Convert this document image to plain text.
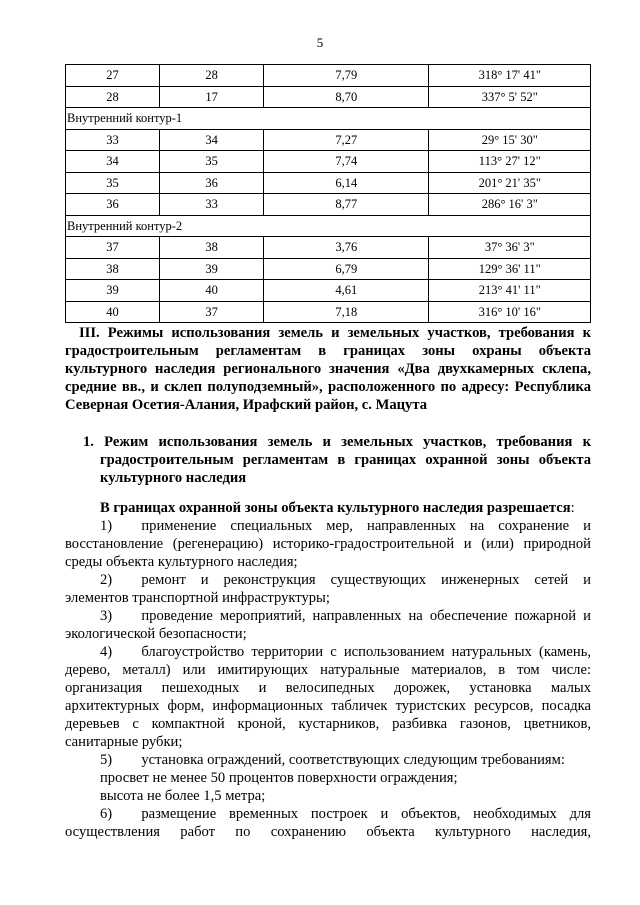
5
27	28	7,79	318° 17' 41"
28	17	8,70	337° 5' 52"
Внутренний контур-1			
33	34	7,27	29° 15' 30"
34	35	7,74	113° 27' 12"
35	36	6,14	201° 21' 35"
36	33	8,77	286° 16' 3"
Внутренний контур-2			
37	38	3,76	37° 36' 3"
38	39	6,79	129° 36' 11"
39	40	4,61	213° 41' 11"
40	37	7,18	316° 10' 16"
III. Режимы использования земель и земельных участков, требования к
градостроительным регламентам в границах зоны охраны объекта
культурного наследия регионального значения «Два двухкамерных склепа,
средние вв., и склеп полуподземный», расположенного по адресу: Республика
Северная Осетия-Алания, Ирафский район, с. Мацута
1. Режим использования земель и земельных участков, требования к
градостроительным регламентам в границах охранной зоны объекта
культурного наследия
В границах охранной зоны объекта культурного наследия разрешается:
1)  применение специальных мер, направленных на сохранение и
восстановление (регенерацию) историко-градостроительной и (или) природной
среды объекта культурного наследия;
2)  ремонт и реконструкция существующих инженерных сетей и
элементов транспортной инфраструктуры;
3)  проведение мероприятий, направленных на обеспечение пожарной и
экологической безопасности;
4)  благоустройство территории с использованием натуральных (камень,
дерево, металл) или имитирующих натуральные материалов, в том числе:
организация пешеходных и велосипедных дорожек, установка малых
архитектурных форм, информационных табличек туристских ресурсов, посадка
деревьев с компактной кроной, кустарников, разбивка газонов, цветников,
санитарные рубки;
5)  установка ограждений, соответствующих следующим требованиям:
просвет не менее 50 процентов поверхности ограждения;
высота не более 1,5 метра;
6)  размещение временных построек и объектов, необходимых для
осуществления работ по сохранению объекта культурного наследия,
